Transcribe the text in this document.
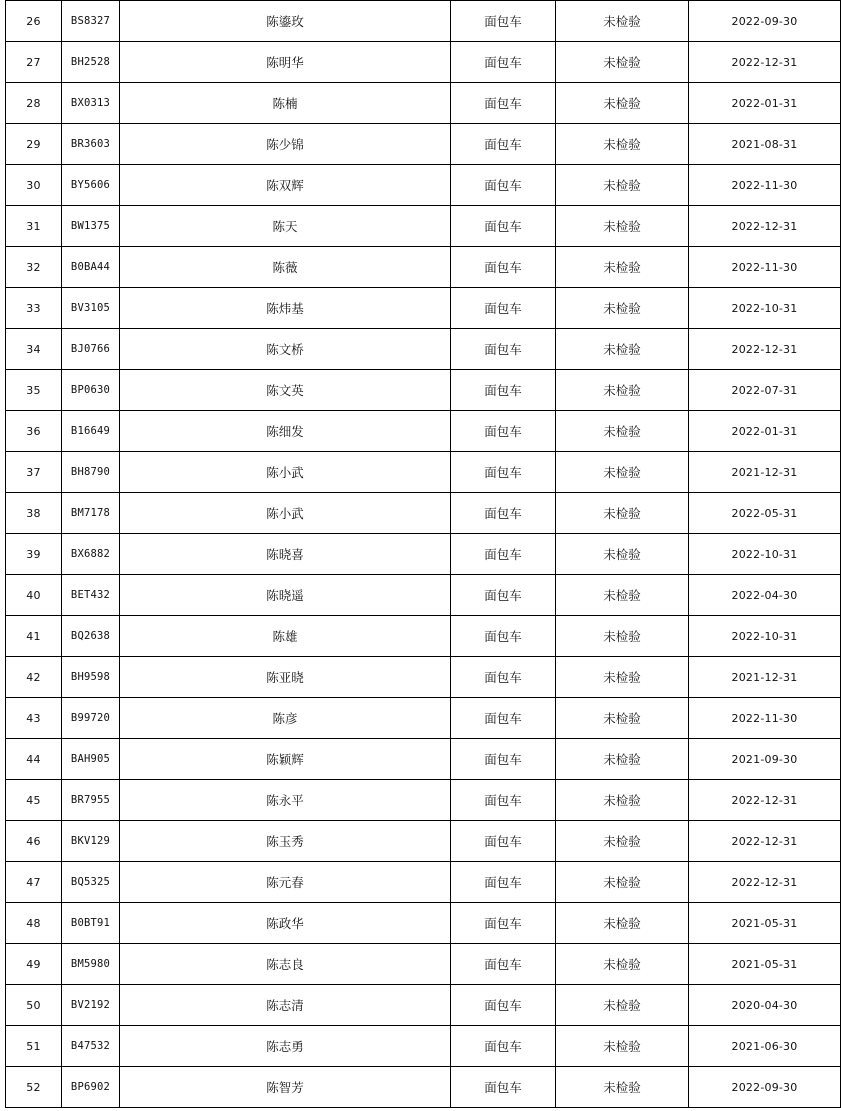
26	BS8327	陈鎏玫	面包车	未检验	2022-09-30
27	BH2528	陈明华	面包车	未检验	2022-12-31
28	BX0313	陈楠	面包车	未检验	2022-01-31
29	BR3603	陈少锦	面包车	未检验	2021-08-31
30	BY5606	陈双辉	面包车	未检验	2022-11-30
31	BW1375	陈天	面包车	未检验	2022-12-31
32	B0BA44	陈薇	面包车	未检验	2022-11-30
33	BV3105	陈炜基	面包车	未检验	2022-10-31
34	BJ0766	陈文桥	面包车	未检验	2022-12-31
35	BP0630	陈文英	面包车	未检验	2022-07-31
36	B16649	陈细发	面包车	未检验	2022-01-31
37	BH8790	陈小武	面包车	未检验	2021-12-31
38	BM7178	陈小武	面包车	未检验	2022-05-31
39	BX6882	陈晓喜	面包车	未检验	2022-10-31
40	BET432	陈晓遥	面包车	未检验	2022-04-30
41	BQ2638	陈雄	面包车	未检验	2022-10-31
42	BH9598	陈亚晓	面包车	未检验	2021-12-31
43	B99720	陈彦	面包车	未检验	2022-11-30
44	BAH905	陈颖辉	面包车	未检验	2021-09-30
45	BR7955	陈永平	面包车	未检验	2022-12-31
46	BKV129	陈玉秀	面包车	未检验	2022-12-31
47	BQ5325	陈元春	面包车	未检验	2022-12-31
48	B0BT91	陈政华	面包车	未检验	2021-05-31
49	BM5980	陈志良	面包车	未检验	2021-05-31
50	BV2192	陈志清	面包车	未检验	2020-04-30
51	B47532	陈志勇	面包车	未检验	2021-06-30
52	BP6902	陈智芳	面包车	未检验	2022-09-30
